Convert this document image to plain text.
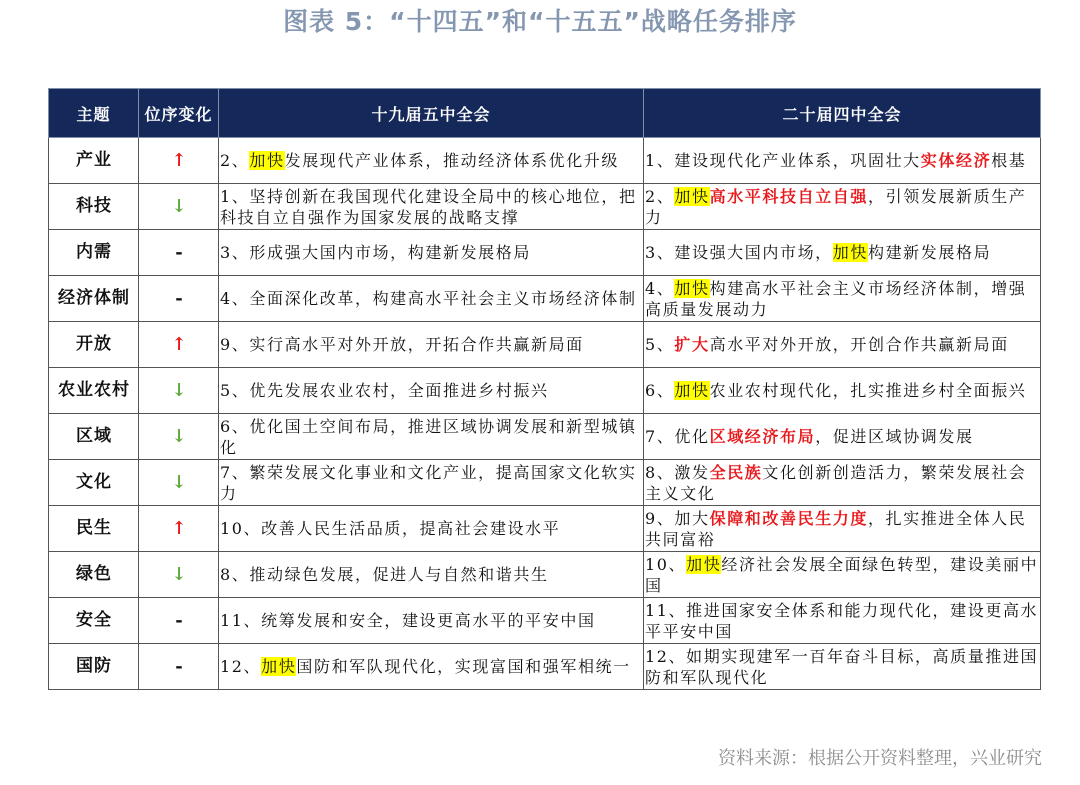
图表 5：“十四五”和“十五五”战略任务排序
主题	位序变化	十九届五中全会	二十届四中全会
产业	↑	2、加快发展现代产业体系，推动经济体系优化升级	1、建设现代化产业体系，巩固壮大实体经济根基
科技	↓	1、坚持创新在我国现代化建设全局中的核心地位，把科技自立自强作为国家发展的战略支撑	2、加快高水平科技自立自强，引领发展新质生产力
内需	-	3、形成强大国内市场，构建新发展格局	3、建设强大国内市场，加快构建新发展格局
经济体制	-	4、全面深化改革，构建高水平社会主义市场经济体制	4、加快构建高水平社会主义市场经济体制，增强高质量发展动力
开放	↑	9、实行高水平对外开放，开拓合作共赢新局面	5、扩大高水平对外开放，开创合作共赢新局面
农业农村	↓	5、优先发展农业农村，全面推进乡村振兴	6、加快农业农村现代化，扎实推进乡村全面振兴
区域	↓	6、优化国土空间布局，推进区域协调发展和新型城镇化	7、优化区域经济布局，促进区域协调发展
文化	↓	7、繁荣发展文化事业和文化产业，提高国家文化软实力	8、激发全民族文化创新创造活力，繁荣发展社会主义文化
民生	↑	10、改善人民生活品质，提高社会建设水平	9、加大保障和改善民生力度，扎实推进全体人民共同富裕
绿色	↓	8、推动绿色发展，促进人与自然和谐共生	10、加快经济社会发展全面绿色转型，建设美丽中国
安全	-	11、统筹发展和安全，建设更高水平的平安中国	11、推进国家安全体系和能力现代化，建设更高水平平安中国
国防	-	12、加快国防和军队现代化，实现富国和强军相统一	12、如期实现建军一百年奋斗目标，高质量推进国防和军队现代化
资料来源：根据公开资料整理，兴业研究
